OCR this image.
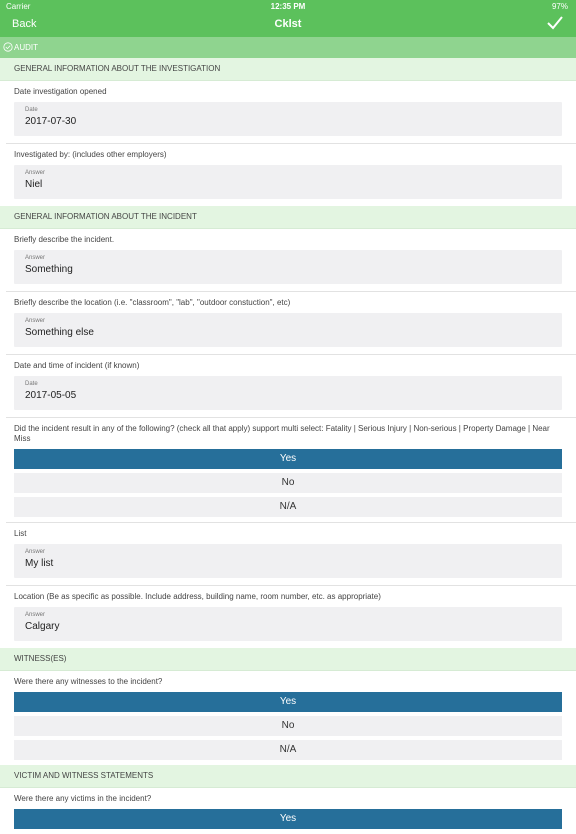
Carrier	12:35 PM	97%
Back	Cklst
AUDIT
GENERAL INFORMATION ABOUT THE INVESTIGATION
Date investigation opened
Date
2017-07-30
Investigated by: (includes other employers)
Answer
Niel
GENERAL INFORMATION ABOUT THE INCIDENT
Briefly describe the incident.
Answer
Something
Briefly describe the location (i.e. "classroom", "lab", "outdoor constuction", etc)
Answer
Something else
Date and time of incident (if known)
Date
2017-05-05
Did the incident result in any of the following? (check all that apply) support multi select: Fatality | Serious Injury | Non-serious | Property Damage | Near Miss
Yes
No
N/A
List
Answer
My list
Location (Be as specific as possible. Include address, building name, room number, etc. as appropriate)
Answer
Calgary
WITNESS(ES)
Were there any witnesses to the incident?
Yes
No
N/A
VICTIM AND WITNESS STATEMENTS
Were there any victims in the incident?
Yes
